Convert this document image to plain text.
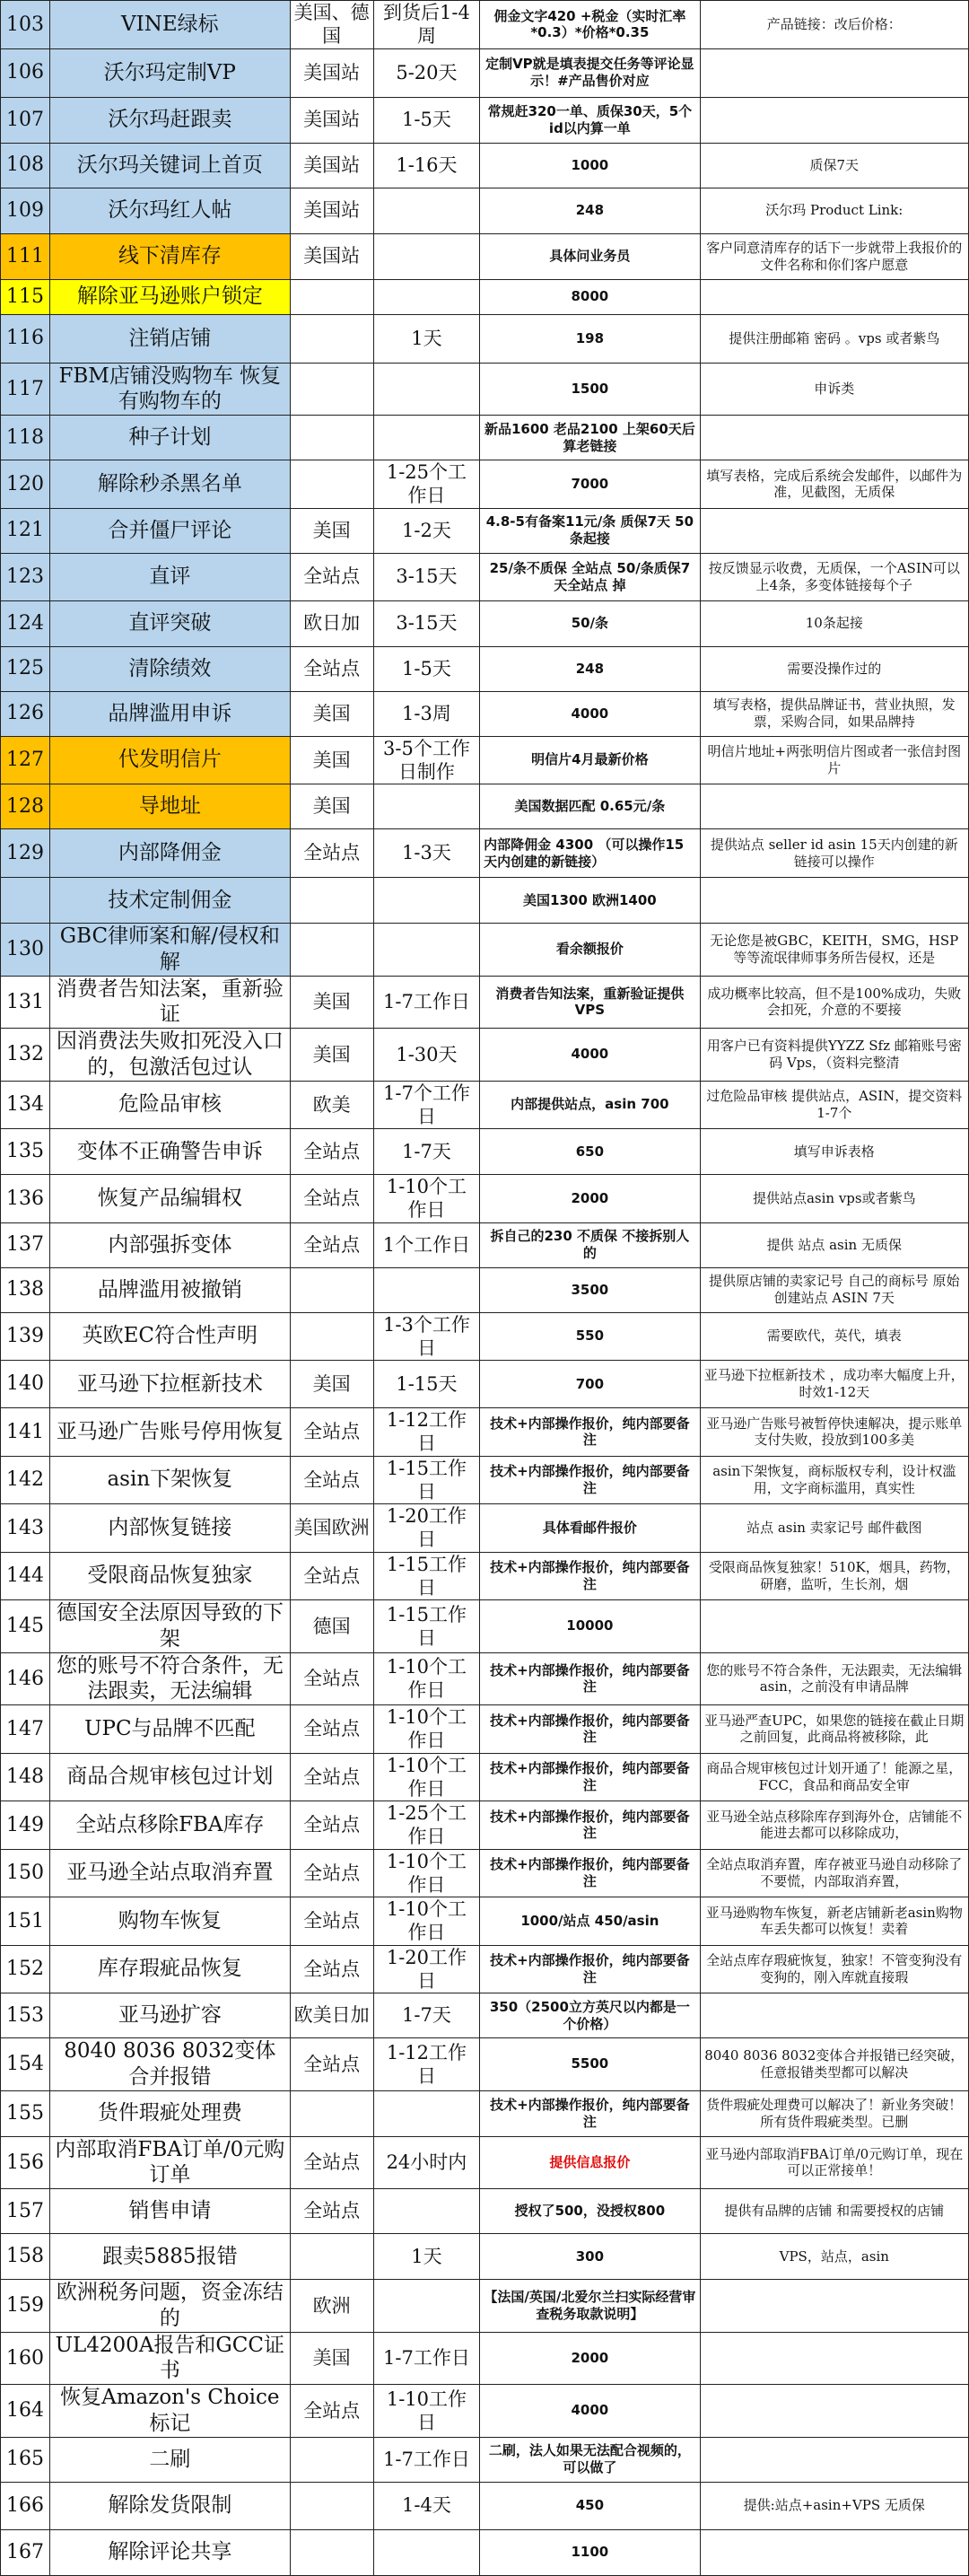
103	VINE绿标	美国、德国	到货后1-4周	佣金文字420 +税金（实时汇率*0.3）*价格*0.35	产品链接：改后价格：
106	沃尔玛定制VP	美国站	5-20天	定制VP就是填表提交任务等评论显示！#产品售价对应	
107	沃尔玛赶跟卖	美国站	1-5天	常规赶320一单、质保30天，5个id以内算一单	
108	沃尔玛关键词上首页	美国站	1-16天	1000	质保7天
109	沃尔玛红人帖	美国站		248	沃尔玛 Product Link:
111	线下清库存	美国站		具体问业务员	客户同意清库存的话下一步就带上我报价的文件名称和你们客户愿意
115	解除亚马逊账户锁定			8000	
116	注销店铺		1天	198	提供注册邮箱 密码 。vps 或者紫鸟
117	FBM店铺没购物车 恢复有购物车的			1500	申诉类
118	种子计划			新品1600 老品2100 上架60天后算老链接	
120	解除秒杀黑名单		1-25个工作日	7000	填写表格，完成后系统会发邮件，以邮件为准，见截图，无质保
121	合并僵尸评论	美国	1-2天	4.8-5有备案11元/条 质保7天 50条起接	
123	直评	全站点	3-15天	25/条不质保 全站点 50/条质保7天全站点 掉	按反馈显示收费，无质保，一个ASIN可以上4条，多变体链接每个子
124	直评突破	欧日加	3-15天	50/条	10条起接
125	清除绩效	全站点	1-5天	248	需要没操作过的
126	品牌滥用申诉	美国	1-3周	4000	填写表格，提供品牌证书，营业执照，发票，采购合同，如果品牌持
127	代发明信片	美国	3-5个工作日制作	明信片4月最新价格	明信片地址+两张明信片图或者一张信封图片
128	导地址	美国		美国数据匹配 0.65元/条	
129	内部降佣金	全站点	1-3天	内部降佣金 4300 （可以操作15天内创建的新链接）	提供站点 seller id asin 15天内创建的新链接可以操作
	技术定制佣金			美国1300 欧洲1400	
130	GBC律师案和解/侵权和解			看余额报价	无论您是被GBC，KEITH，SMG，HSP等等流氓律师事务所告侵权，还是
131	消费者告知法案，重新验证	美国	1-7工作日	消费者告知法案，重新验证提供VPS	成功概率比较高，但不是100%成功，失败会扣死，介意的不要接
132	因消费法失败扣死没入口的，包激活包过认	美国	1-30天	4000	用客户已有资料提供YYZZ Sfz 邮箱账号密码 Vps，（资料完整清
134	危险品审核	欧美	1-7个工作日	内部提供站点，asin 700	过危险品审核 提供站点，ASIN，提交资料1-7个
135	变体不正确警告申诉	全站点	1-7天	650	填写申诉表格
136	恢复产品编辑权	全站点	1-10个工作日	2000	提供站点asin vps或者紫鸟
137	内部强拆变体	全站点	1个工作日	拆自己的230 不质保 不接拆别人的	提供 站点 asin 无质保
138	品牌滥用被撤销			3500	提供原店铺的卖家记号 自己的商标号 原始创建站点 ASIN 7天
139	英欧EC符合性声明		1-3个工作日	550	需要欧代，英代，填表
140	亚马逊下拉框新技术	美国	1-15天	700	亚马逊下拉框新技术 ，成功率大幅度上升，时效1-12天
141	亚马逊广告账号停用恢复	全站点	1-12工作日	技术+内部操作报价，纯内部要备注	亚马逊广告账号被暂停快速解决，提示账单支付失败，投放到100多美
142	asin下架恢复	全站点	1-15工作日	技术+内部操作报价，纯内部要备注	asin下架恢复，商标版权专利，设计权滥用，文字商标滥用，真实性
143	内部恢复链接	美国欧洲	1-20工作日	具体看邮件报价	站点 asin 卖家记号 邮件截图
144	受限商品恢复独家	全站点	1-15工作日	技术+内部操作报价，纯内部要备注	受限商品恢复独家！510K，烟具，药物，研磨，监听，生长剂，烟
145	德国安全法原因导致的下架	德国	1-15工作日	10000	
146	您的账号不符合条件，无法跟卖，无法编辑	全站点	1-10个工作日	技术+内部操作报价，纯内部要备注	您的账号不符合条件，无法跟卖，无法编辑asin，之前没有申请品牌
147	UPC与品牌不匹配	全站点	1-10个工作日	技术+内部操作报价，纯内部要备注	亚马逊严查UPC，如果您的链接在截止日期之前回复，此商品将被移除，此
148	商品合规审核包过计划	全站点	1-10个工作日	技术+内部操作报价，纯内部要备注	商品合规审核包过计划开通了！能源之星，FCC，食品和商品安全审
149	全站点移除FBA库存	全站点	1-25个工作日	技术+内部操作报价，纯内部要备注	亚马逊全站点移除库存到海外仓，店铺能不能进去都可以移除成功，
150	亚马逊全站点取消弃置	全站点	1-10个工作日	技术+内部操作报价，纯内部要备注	全站点取消弃置，库存被亚马逊自动移除了不要慌，内部取消弃置，
151	购物车恢复	全站点	1-10个工作日	1000/站点 450/asin	亚马逊购物车恢复，新老店铺新老asin购物车丢失都可以恢复！卖着
152	库存瑕疵品恢复	全站点	1-20工作日	技术+内部操作报价，纯内部要备注	全站点库存瑕疵恢复，独家！不管变狗没有变狗的，刚入库就直接瑕
153	亚马逊扩容	欧美日加	1-7天	350（2500立方英尺以内都是一个价格）	
154	8040 8036 8032变体合并报错	全站点	1-12工作日	5500	8040 8036 8032变体合并报错已经突破，任意报错类型都可以解决
155	货件瑕疵处理费			技术+内部操作报价，纯内部要备注	货件瑕疵处理费可以解决了！新业务突破！所有货件瑕疵类型。已删
156	内部取消FBA订单/0元购订单	全站点	24小时内	提供信息报价	亚马逊内部取消FBA订单/0元购订单，现在可以正常接单！
157	销售申请	全站点		授权了500，没授权800	提供有品牌的店铺 和需要授权的店铺
158	跟卖5885报错		1天	300	VPS，站点，asin
159	欧洲税务问题，资金冻结的	欧洲		【法国/英国/北爱尔兰扫实际经营审查税务取款说明】	
160	UL4200A报告和GCC证书	美国	1-7工作日	2000	
164	恢复Amazon's Choice标记	全站点	1-10工作日	4000	
165	二刷		1-7工作日	二刷，法人如果无法配合视频的，可以做了	
166	解除发货限制		1-4天	450	提供:站点+asin+VPS 无质保
167	解除评论共享			1100	
